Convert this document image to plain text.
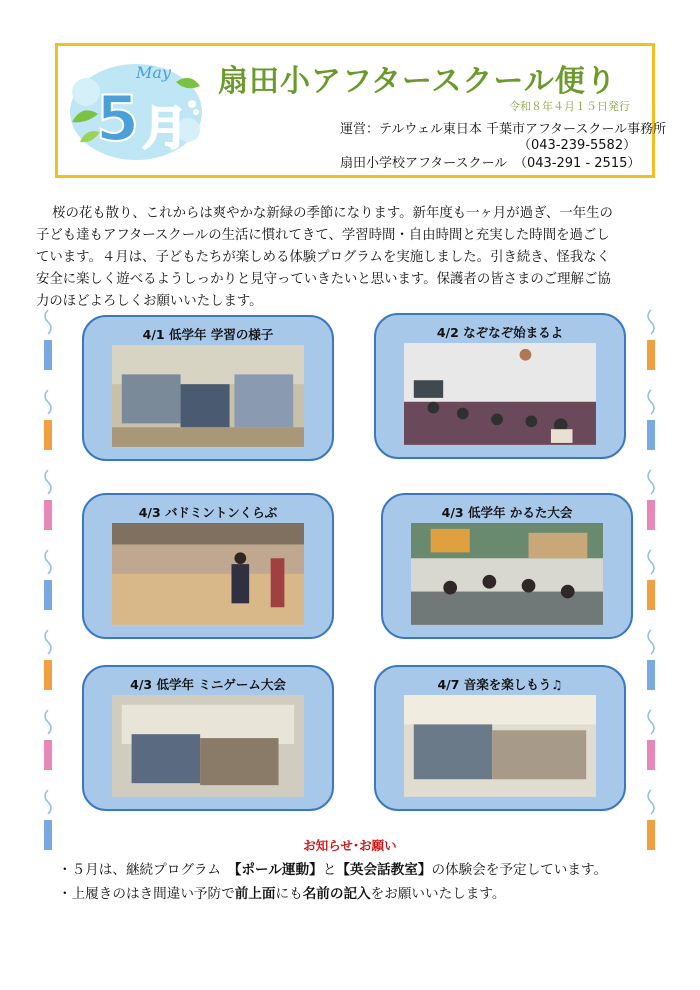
5 月
May 扇田小アフタースクール便り
令和８年４月１５日発行
運営：テルウェル東日本 千葉市アフタースクール事務所
（043-239-5582）
扇田小学校アフタースクール （043-291 - 2515）

桜の花も散り、これからは爽やかな新緑の季節になります。新年度も一ヶ月が過ぎ、一年生の

子ども達もアフタースクールの生活に慣れてきて、学習時間・自由時間と充実した時間を過ごし

ています。４月は、子どもたちが楽しめる体験プログラムを実施しました。引き続き、怪我なく

安全に楽しく遊べるようしっかりと見守っていきたいと思います。保護者の皆さまのご理解ご協

力のほどよろしくお願いいたします。

4/1 低学年 学習の様子	4/2 なぞなぞ始まるよ
4/3 バドミントンくらぶ	4/3 低学年 かるた大会
4/3 低学年 ミニゲーム大会	4/7 音楽を楽しもう♫
お知らせ･お願い
・５月は、継続プログラム　【ポール運動】と【英会話教室】の体験会を予定しています。
・上履きのはき間違い予防で前上面にも名前の記入をお願いいたします。
